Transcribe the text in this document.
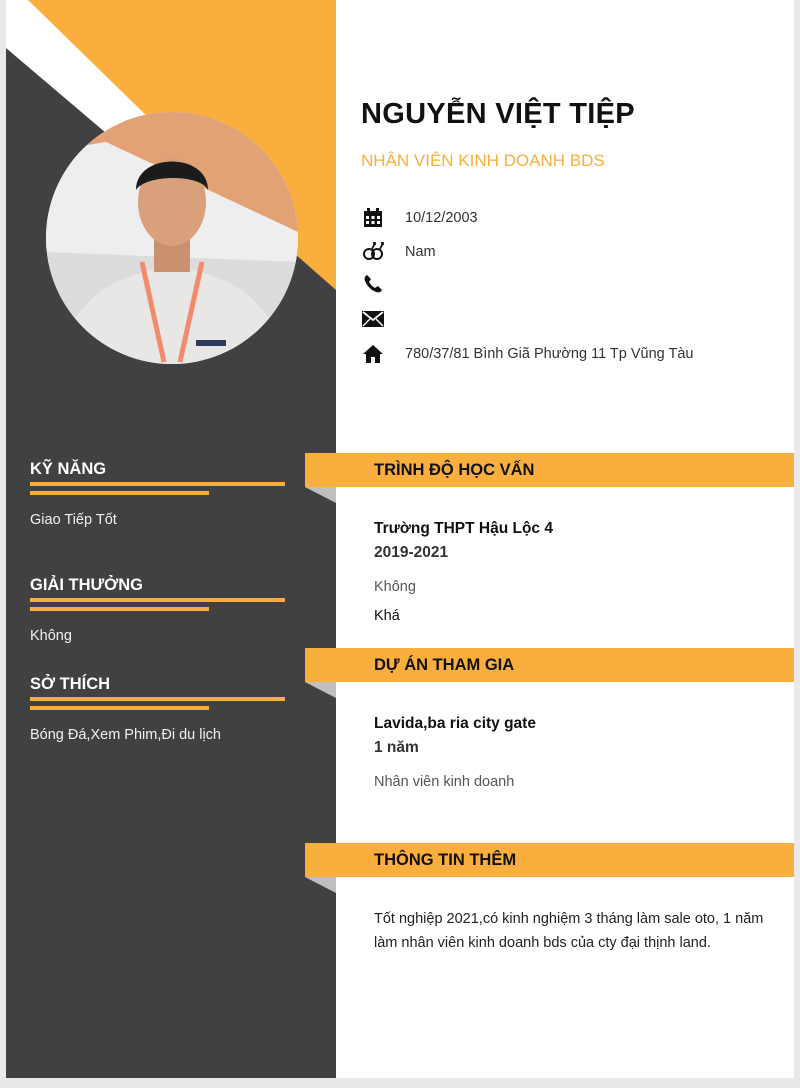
NGUYỄN VIỆT TIỆP
NHÂN VIÊN KINH DOANH BDS
10/12/2003
Nam
780/37/81 Bình Giã Phường 11 Tp Vũng Tàu
KỸ NĂNG
Giao Tiếp Tốt
GIẢI THƯỞNG
Không
SỞ THÍCH
Bóng Đá,Xem Phim,Đi du lịch
TRÌNH ĐỘ HỌC VẤN
Trường THPT Hậu Lộc 4
2019-2021
Không
Khá
DỰ ÁN THAM GIA
Lavida,ba ria city gate
1 năm
Nhân viên kinh doanh
THÔNG TIN THÊM
Tốt nghiệp 2021,có kinh nghiệm 3 tháng làm sale oto, 1 năm làm nhân viên kinh doanh bds của cty đại thịnh land.
